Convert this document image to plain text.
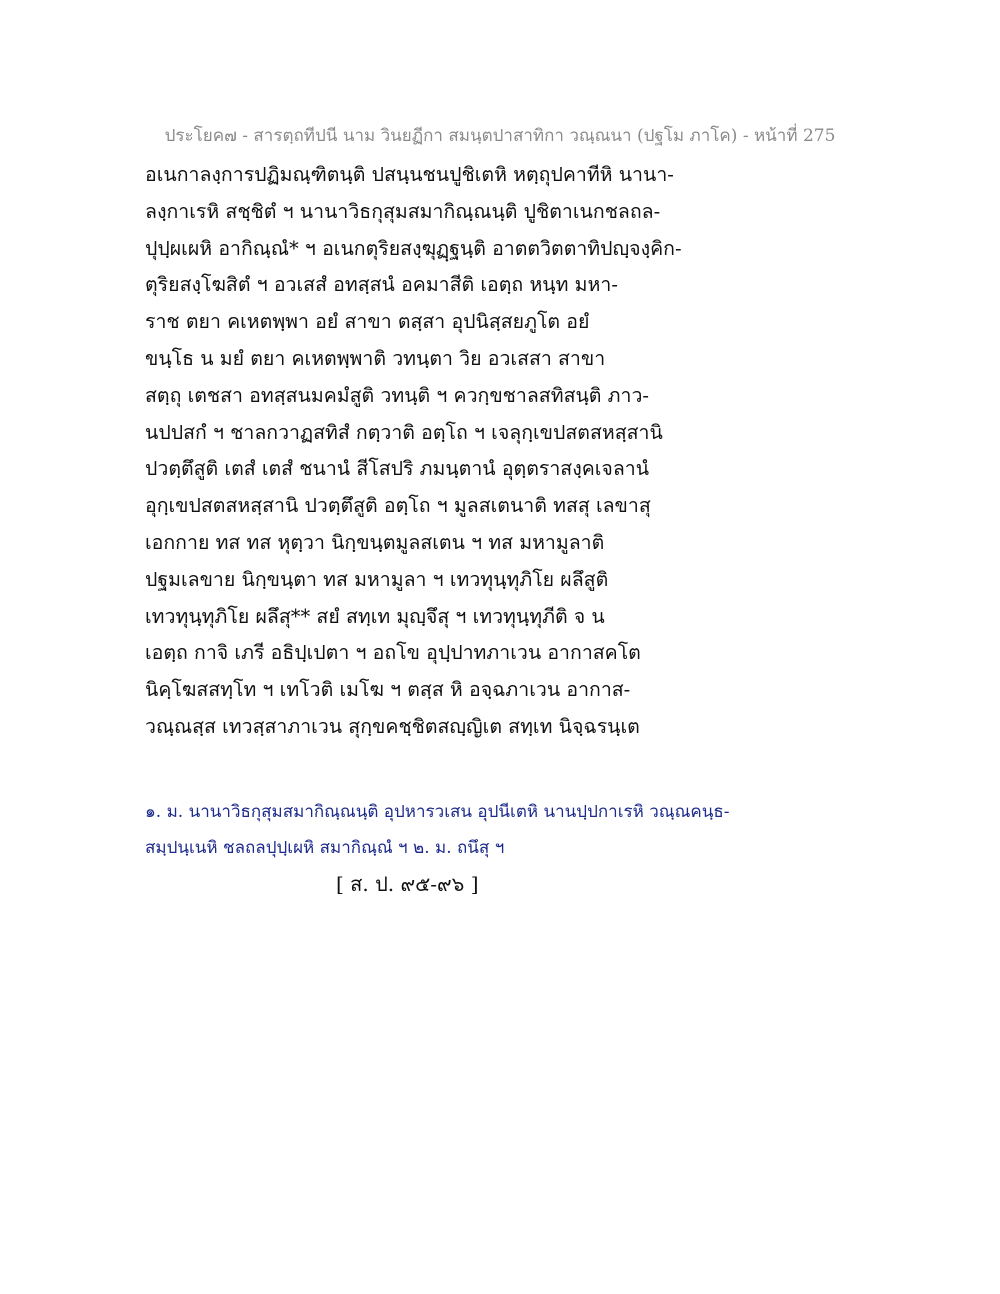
ประโยค๗ - สารตฺถทีปนี นาม วินยฏีกา สมนฺตปาสาทิกา วณฺณนา (ปฐโม ภาโค) - หน้าที่ 275
อเนกาลงฺการปฏิมณฺฑิตนฺติ ปสนฺนชนปูชิเตหิ หตฺถุปคาทีหิ นานา-
ลงฺกาเรหิ สชฺชิตํ ฯ นานาวิธกุสุมสมากิณฺณนฺติ ปูชิตาเนกชลถล-
ปุปฺผเผหิ อากิณฺณํ* ฯ อเนกตุริยสงฺฆุฏฺฐนฺติ อาตตวิตตาทิปญฺจงฺคิก-
ตุริยสงฺโฆสิตํ ฯ อวเสสํ อทสฺสนํ อคมาสีติ เอตฺถ หนฺท มหา-
ราช ตยา คเหตพฺพา อยํ สาขา ตสฺสา อุปนิสฺสยภูโต อยํ
ขนฺโธ น มยํ ตยา คเหตพฺพาติ วทนฺตา วิย อวเสสา สาขา
สตฺถุ เตชสา อทสฺสนมคมํสูติ วทนฺติ ฯ ควกฺขชาลสทิสนฺติ ภาว-
นปปสกํ ฯ ชาลกวาฏสทิสํ กตฺวาติ อตฺโถ ฯ เจลุกฺเขปสตสหสฺสานิ
ปวตฺตึสูติ เตสํ เตสํ ชนานํ สีโสปริ ภมนฺตานํ อุตฺตราสงฺคเจลานํ
อุกฺเขปสตสหสฺสานิ ปวตฺตึสูติ อตฺโถ ฯ มูลสเตนาติ ทสสุ เลขาสุ
เอกกาย ทส ทส หุตฺวา นิกฺขนฺตมูลสเตน ฯ ทส มหามูลาติ
ปฐมเลขาย นิกฺขนฺตา ทส มหามูลา ฯ เทวทุนฺทุภิโย ผลึสูติ
เทวทุนฺทุภิโย ผลึสุ** สยํ สทฺเท มุญฺจึสุ ฯ เทวทุนฺทุภีติ จ น
เอตฺถ กาจิ เภรี อธิปฺเปตา ฯ อถโข อุปฺปาทภาเวน อากาสคโต
นิคฺโฆสสทฺโท ฯ เทโวติ เมโฆ ฯ ตสฺส หิ อจฺฉภาเวน อากาส-
วณฺณสฺส เทวสฺสาภาเวน สุกฺขคชฺชิตสญฺญิเต สทฺเท นิจฺฉรนฺเต
๑. ม. นานาวิธกุสุมสมากิณฺณนฺติ อุปหารวเสน อุปนีเตหิ นานปฺปกาเรหิ วณฺณคนฺธ-
สมฺปนฺเนหิ ชลถลปุปฺเผหิ สมากิณฺณํ ฯ ๒. ม. ถนึสุ ฯ
[ ส. ป. ๙๕-๙๖ ]
